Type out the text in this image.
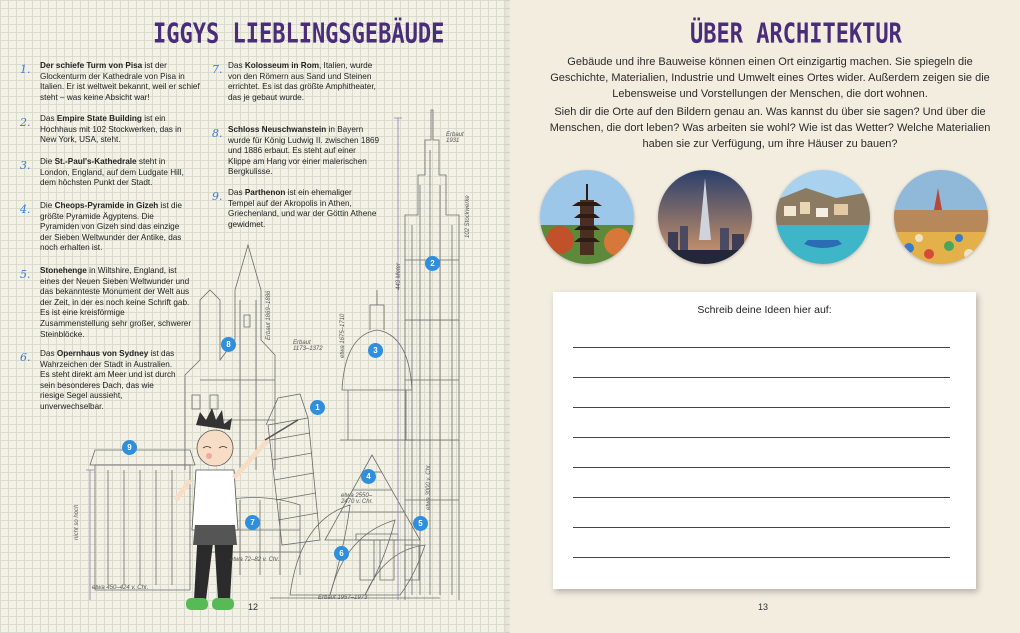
IGGYS LIEBLINGSGEBÄUDE
1. Der schiefe Turm von Pisa ist der Glockenturm der Kathedrale von Pisa in Italien. Er ist weltweit bekannt, weil er schief steht – was keine Absicht war!
2. Das Empire State Building ist ein Hochhaus mit 102 Stockwerken, das in New York, USA, steht.
3. Die St.-Paul's-Kathedrale steht in London, England, auf dem Ludgate Hill, dem höchsten Punkt der Stadt.
4. Die Cheops-Pyramide in Gizeh ist die größte Pyramide Ägyptens. Die Pyramiden von Gizeh sind das einzige der Sieben Weltwunder der Antike, das noch erhalten ist.
5. Stonehenge in Wiltshire, England, ist eines der Neuen Sieben Weltwunder und das bekannteste Monument der Welt aus der Zeit, in der es noch keine Schrift gab. Es ist eine kreisförmige Zusammenstellung sehr großer, schwerer Steinblöcke.
6. Das Opernhaus von Sydney ist das Wahrzeichen der Stadt in Australien. Es steht direkt am Meer und ist durch sein besonderes Dach, das wie riesige Segel aussieht, unverwechselbar.
7. Das Kolosseum in Rom, Italien, wurde von den Römern aus Sand und Steinen errichtet. Es ist das größte Amphitheater, das je gebaut wurde.
8. Schloss Neuschwanstein in Bayern wurde für König Ludwig II. zwischen 1869 und 1886 erbaut. Es steht auf einer Klippe am Hang vor einer malerischen Bergkulisse.
9. Das Parthenon ist ein ehemaliger Tempel auf der Akropolis in Athen, Griechenland, und war der Göttin Athene gewidmet.
1
2
3
4
5
6
7
8
9
Erbaut 1931
102 Stockwerke
443 Meter
Erbaut 1869–1886
Erbaut 1173–1372	etwa 1675–1710
etwa 2550–2470 v. Chr.	etwa 3000 v. Chr.
etwa 72–82 v. Chr.
etwa 450–424 v. Chr.
Erbaut 1957–1973
nicht so hoch
12
ÜBER ARCHITEKTUR
Gebäude und ihre Bauweise können einen Ort einzigartig machen. Sie spiegeln die Geschichte, Materialien, Industrie und Umwelt eines Ortes wider. Außerdem zeigen sie die Lebensweise und Vorstellungen der Menschen, die dort wohnen.
Sieh dir die Orte auf den Bildern genau an. Was kannst du über sie sagen? Und über die Menschen, die dort leben? Was arbeiten sie wohl? Wie ist das Wetter? Welche Materialien haben sie zur Verfügung, um ihre Häuser zu bauen?
Schreib deine Ideen hier auf:
13
